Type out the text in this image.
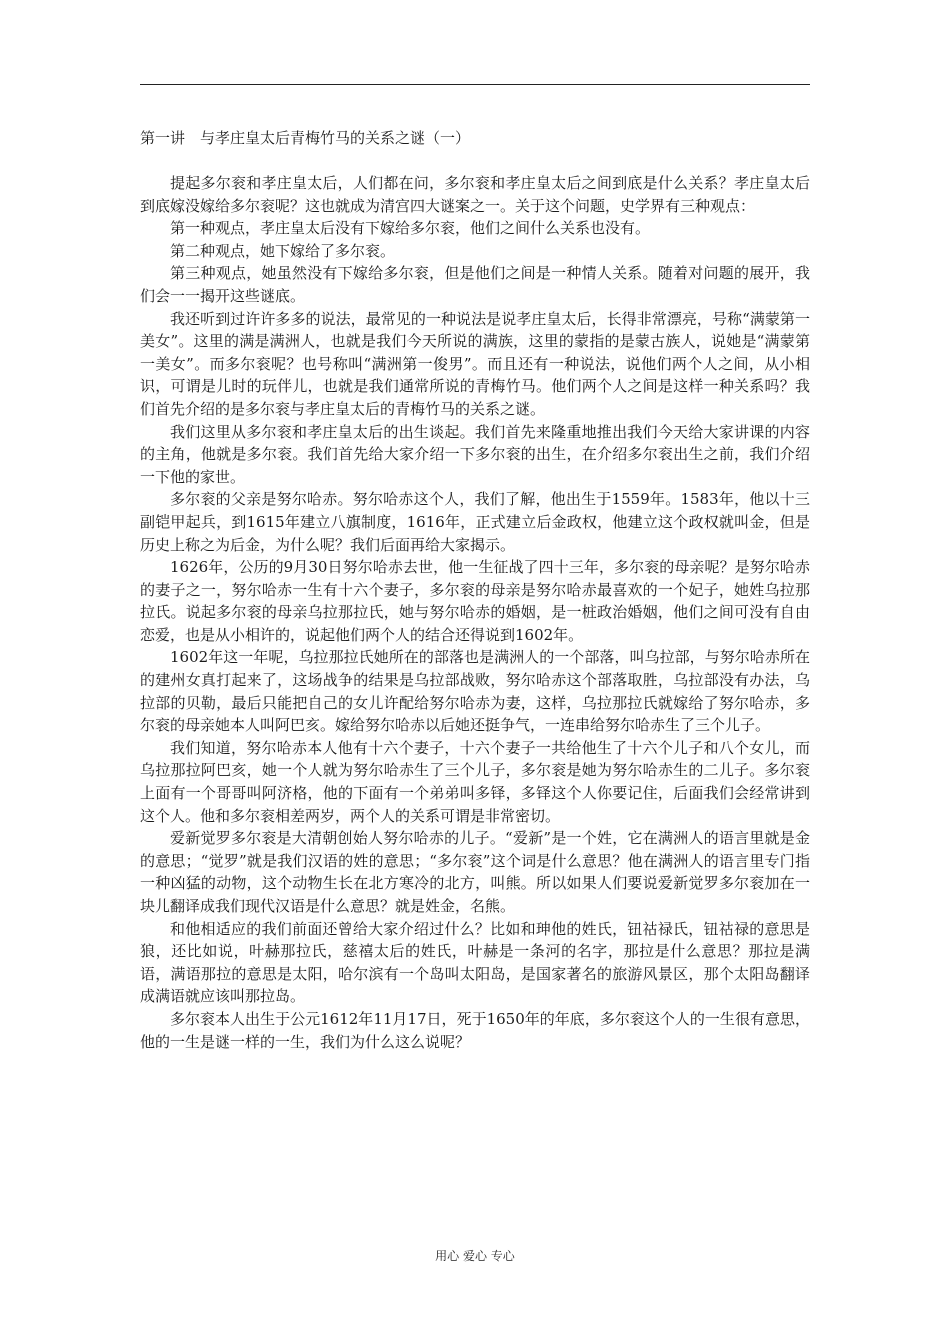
第一讲　与孝庄皇太后青梅竹马的关系之谜（一）

提起多尔衮和孝庄皇太后，人们都在问，多尔衮和孝庄皇太后之间到底是什么关系？孝庄皇太后到底嫁没嫁给多尔衮呢？这也就成为清宫四大谜案之一。关于这个问题，史学界有三种观点：

第一种观点，孝庄皇太后没有下嫁给多尔衮，他们之间什么关系也没有。

第二种观点，她下嫁给了多尔衮。

第三种观点，她虽然没有下嫁给多尔衮，但是他们之间是一种情人关系。随着对问题的展开，我们会一一揭开这些谜底。

我还听到过许许多多的说法，最常见的一种说法是说孝庄皇太后，长得非常漂亮，号称“满蒙第一美女”。这里的满是满洲人，也就是我们今天所说的满族，这里的蒙指的是蒙古族人，说她是“满蒙第一美女”。而多尔衮呢？也号称叫“满洲第一俊男”。而且还有一种说法，说他们两个人之间，从小相识，可谓是儿时的玩伴儿，也就是我们通常所说的青梅竹马。他们两个人之间是这样一种关系吗？我们首先介绍的是多尔衮与孝庄皇太后的青梅竹马的关系之谜。

我们这里从多尔衮和孝庄皇太后的出生谈起。我们首先来隆重地推出我们今天给大家讲课的内容的主角，他就是多尔衮。我们首先给大家介绍一下多尔衮的出生，在介绍多尔衮出生之前，我们介绍一下他的家世。

多尔衮的父亲是努尔哈赤。努尔哈赤这个人，我们了解，他出生于1559年。1583年，他以十三副铠甲起兵，到1615年建立八旗制度，1616年，正式建立后金政权，他建立这个政权就叫金，但是历史上称之为后金，为什么呢？我们后面再给大家揭示。

1626年，公历的9月30日努尔哈赤去世，他一生征战了四十三年，多尔衮的母亲呢？是努尔哈赤的妻子之一，努尔哈赤一生有十六个妻子，多尔衮的母亲是努尔哈赤最喜欢的一个妃子，她姓乌拉那拉氏。说起多尔衮的母亲乌拉那拉氏，她与努尔哈赤的婚姻，是一桩政治婚姻，他们之间可没有自由恋爱，也是从小相许的，说起他们两个人的结合还得说到1602年。

1602年这一年呢，乌拉那拉氏她所在的部落也是满洲人的一个部落，叫乌拉部，与努尔哈赤所在的建州女真打起来了，这场战争的结果是乌拉部战败，努尔哈赤这个部落取胜，乌拉部没有办法，乌拉部的贝勒，最后只能把自己的女儿许配给努尔哈赤为妻，这样，乌拉那拉氏就嫁给了努尔哈赤，多尔衮的母亲她本人叫阿巴亥。嫁给努尔哈赤以后她还挺争气，一连串给努尔哈赤生了三个儿子。

我们知道，努尔哈赤本人他有十六个妻子，十六个妻子一共给他生了十六个儿子和八个女儿，而乌拉那拉阿巴亥，她一个人就为努尔哈赤生了三个儿子，多尔衮是她为努尔哈赤生的二儿子。多尔衮上面有一个哥哥叫阿济格，他的下面有一个弟弟叫多铎，多铎这个人你要记住，后面我们会经常讲到这个人。他和多尔衮相差两岁，两个人的关系可谓是非常密切。

爱新觉罗多尔衮是大清朝创始人努尔哈赤的儿子。“爱新”是一个姓，它在满洲人的语言里就是金的意思；“觉罗”就是我们汉语的姓的意思；“多尔衮”这个词是什么意思？他在满洲人的语言里专门指一种凶猛的动物，这个动物生长在北方寒冷的北方，叫熊。所以如果人们要说爱新觉罗多尔衮加在一块儿翻译成我们现代汉语是什么意思？就是姓金，名熊。

和他相适应的我们前面还曾给大家介绍过什么？比如和珅他的姓氏，钮祜禄氏，钮祜禄的意思是狼，还比如说，叶赫那拉氏，慈禧太后的姓氏，叶赫是一条河的名字，那拉是什么意思？那拉是满语，满语那拉的意思是太阳，哈尔滨有一个岛叫太阳岛，是国家著名的旅游风景区，那个太阳岛翻译成满语就应该叫那拉岛。

多尔衮本人出生于公元1612年11月17日，死于1650年的年底，多尔衮这个人的一生很有意思，他的一生是谜一样的一生，我们为什么这么说呢？

用心 爱心 专心
